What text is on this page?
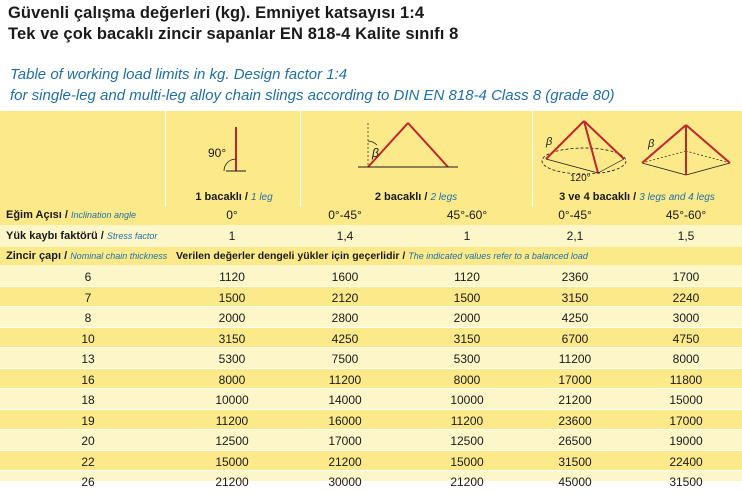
Güvenli çalışma değerleri (kg). Emniyet katsayısı 1:4
Tek ve çok bacaklı zincir sapanlar EN 818-4 Kalite sınıfı 8
Table of working load limits in kg. Design factor 1:4
for single-leg and multi-leg alloy chain slings according to DIN EN 818-4 Class 8 (grade 80)
90°	β
β
120°
β
1 bacaklı / 1 leg	2 bacaklı / 2 legs	3 ve 4 bacaklı / 3 legs and 4 legs
Eğim Açısı / Inclination angle	0°	0°-45°	45°-60°	0°-45°	45°-60°
Yük kaybı faktörü / Stress factor	1	1,4	1	2,1	1,5
Zincir çapı / Nominal chain thickness Verilen değerler dengeli yükler için geçerlidir / The indicated values refer to a balanced load
6	1120	1600	1120	2360	1700
7	1500	2120	1500	3150	2240
8	2000	2800	2000	4250	3000
10	3150	4250	3150	6700	4750
13	5300	7500	5300	11200	8000
16	8000	11200	8000	17000	11800
18	10000	14000	10000	21200	15000
19	11200	16000	11200	23600	17000
20	12500	17000	12500	26500	19000
22	15000	21200	15000	31500	22400
26	21200	30000	21200	45000	31500
